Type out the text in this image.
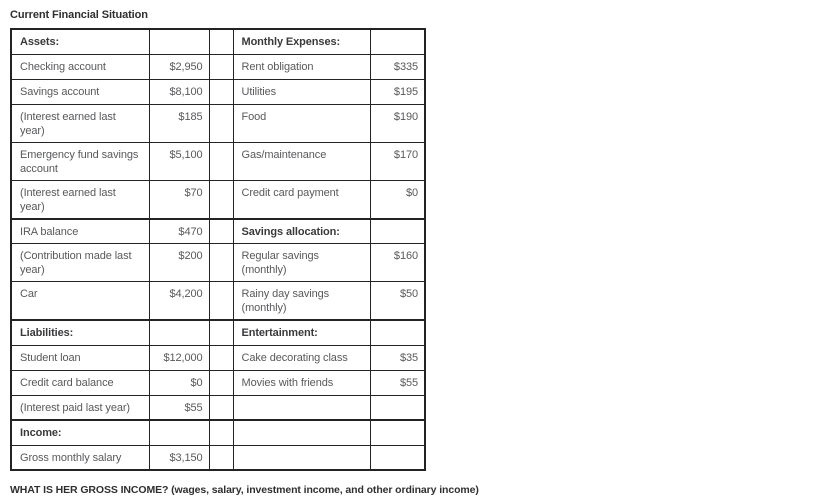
Current Financial Situation
Assets:			Monthly Expenses:	
Checking account	$2,950		Rent obligation	$335
Savings account	$8,100		Utilities	$195
(Interest earned last year)	$185		Food	$190
Emergency fund savings account	$5,100		Gas/maintenance	$170
(Interest earned last year)	$70		Credit card payment	$0
IRA balance	$470		Savings allocation:	
(Contribution made last year)	$200		Regular savings (monthly)	$160
Car	$4,200		Rainy day savings (monthly)	$50
Liabilities:			Entertainment:	
Student loan	$12,000		Cake decorating class	$35
Credit card balance	$0		Movies with friends	$55
(Interest paid last year)	$55			
Income:				
Gross monthly salary	$3,150			
WHAT IS HER GROSS INCOME? (wages, salary, investment income, and other ordinary income)
